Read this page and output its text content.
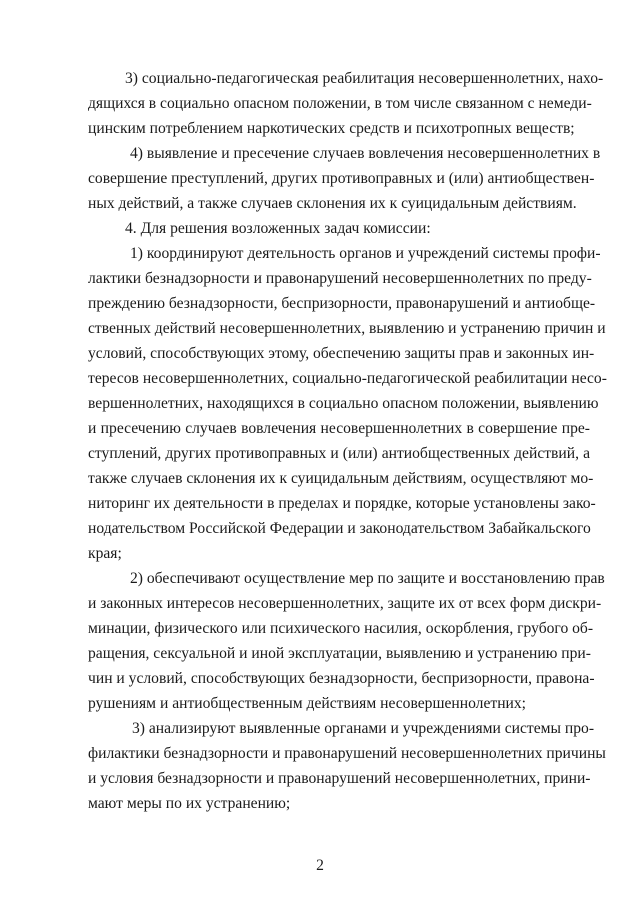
3) социально-педагогическая реабилитация несовершеннолетних, нахо-
дящихся в социально опасном положении, в том числе связанном с немеди-
цинским потреблением наркотических средств и психотропных веществ;
4) выявление и пресечение случаев вовлечения несовершеннолетних в
совершение преступлений, других противоправных и (или) антиобществен-
ных действий, а также случаев склонения их к суицидальным действиям.
4. Для решения возложенных задач комиссии:
1) координируют деятельность органов и учреждений системы профи-
лактики безнадзорности и правонарушений несовершеннолетних по преду-
преждению безнадзорности, беспризорности, правонарушений и антиобще-
ственных действий несовершеннолетних, выявлению и устранению причин и
условий, способствующих этому, обеспечению защиты прав и законных ин-
тересов несовершеннолетних, социально-педагогической реабилитации несо-
вершеннолетних, находящихся в социально опасном положении, выявлению
и пресечению случаев вовлечения несовершеннолетних в совершение пре-
ступлений, других противоправных и (или) антиобщественных действий, а
также случаев склонения их к суицидальным действиям, осуществляют мо-
ниторинг их деятельности в пределах и порядке, которые установлены зако-
нодательством Российской Федерации и законодательством Забайкальского
края;
2) обеспечивают осуществление мер по защите и восстановлению прав
и законных интересов несовершеннолетних, защите их от всех форм дискри-
минации, физического или психического насилия, оскорбления, грубого об-
ращения, сексуальной и иной эксплуатации, выявлению и устранению при-
чин и условий, способствующих безнадзорности, беспризорности, правона-
рушениям и антиобщественным действиям несовершеннолетних;
3) анализируют выявленные органами и учреждениями системы про-
филактики безнадзорности и правонарушений несовершеннолетних причины
и условия безнадзорности и правонарушений несовершеннолетних, прини-
мают меры по их устранению;
2
